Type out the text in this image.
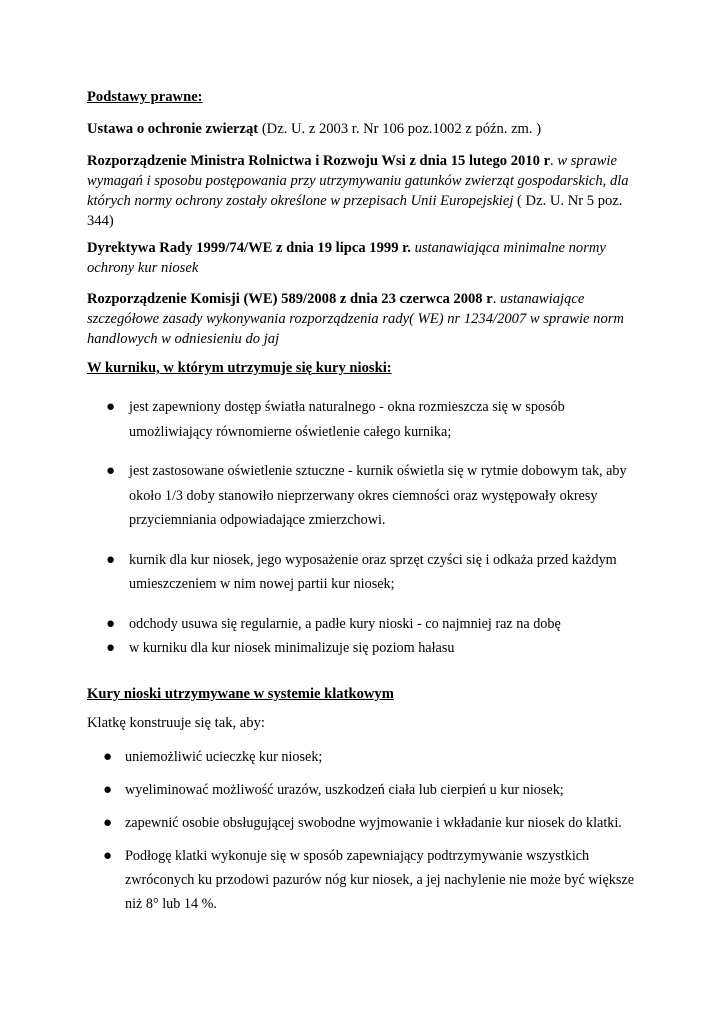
Podstawy prawne:

Ustawa o ochronie zwierząt (Dz. U. z 2003 r. Nr 106 poz.1002 z późn. zm. )

Rozporządzenie Ministra Rolnictwa i Rozwoju Wsi z dnia 15 lutego 2010 r. w sprawie wymagań i sposobu postępowania przy utrzymywaniu gatunków zwierząt gospodarskich, dla których normy ochrony zostały określone w przepisach Unii Europejskiej ( Dz. U. Nr 5 poz. 344)

Dyrektywa Rady 1999/74/WE z dnia 19 lipca 1999 r. ustanawiająca minimalne normy ochrony kur niosek

Rozporządzenie Komisji (WE) 589/2008 z dnia 23 czerwca 2008 r. ustanawiające szczegółowe zasady wykonywania rozporządzenia rady( WE) nr 1234/2007 w sprawie norm handlowych w odniesieniu do jaj

W kurniku, w którym utrzymuje się kury nioski:

● jest zapewniony dostęp światła naturalnego - okna rozmieszcza się w sposób umożliwiający równomierne oświetlenie całego kurnika;
● jest zastosowane oświetlenie sztuczne - kurnik oświetla się w rytmie dobowym tak, aby około 1/3 doby stanowiło nieprzerwany okres ciemności oraz występowały okresy przyciemniania odpowiadające zmierzchowi.
● kurnik dla kur niosek, jego wyposażenie oraz sprzęt czyści się i odkaża przed każdym umieszczeniem w nim nowej partii kur niosek;
● odchody usuwa się regularnie, a padłe kury nioski - co najmniej raz na dobę
● w kurniku dla kur niosek minimalizuje się poziom hałasu

Kury nioski utrzymywane w systemie klatkowym

Klatkę konstruuje się tak, aby:

● uniemożliwić ucieczkę kur niosek;
● wyeliminować możliwość urazów, uszkodzeń ciała lub cierpień u kur niosek;
● zapewnić osobie obsługującej swobodne wyjmowanie i wkładanie kur niosek do klatki.
● Podłogę klatki wykonuje się w sposób zapewniający podtrzymywanie wszystkich zwróconych ku przodowi pazurów nóg kur niosek, a jej nachylenie nie może być większe niż 8° lub 14 %.
